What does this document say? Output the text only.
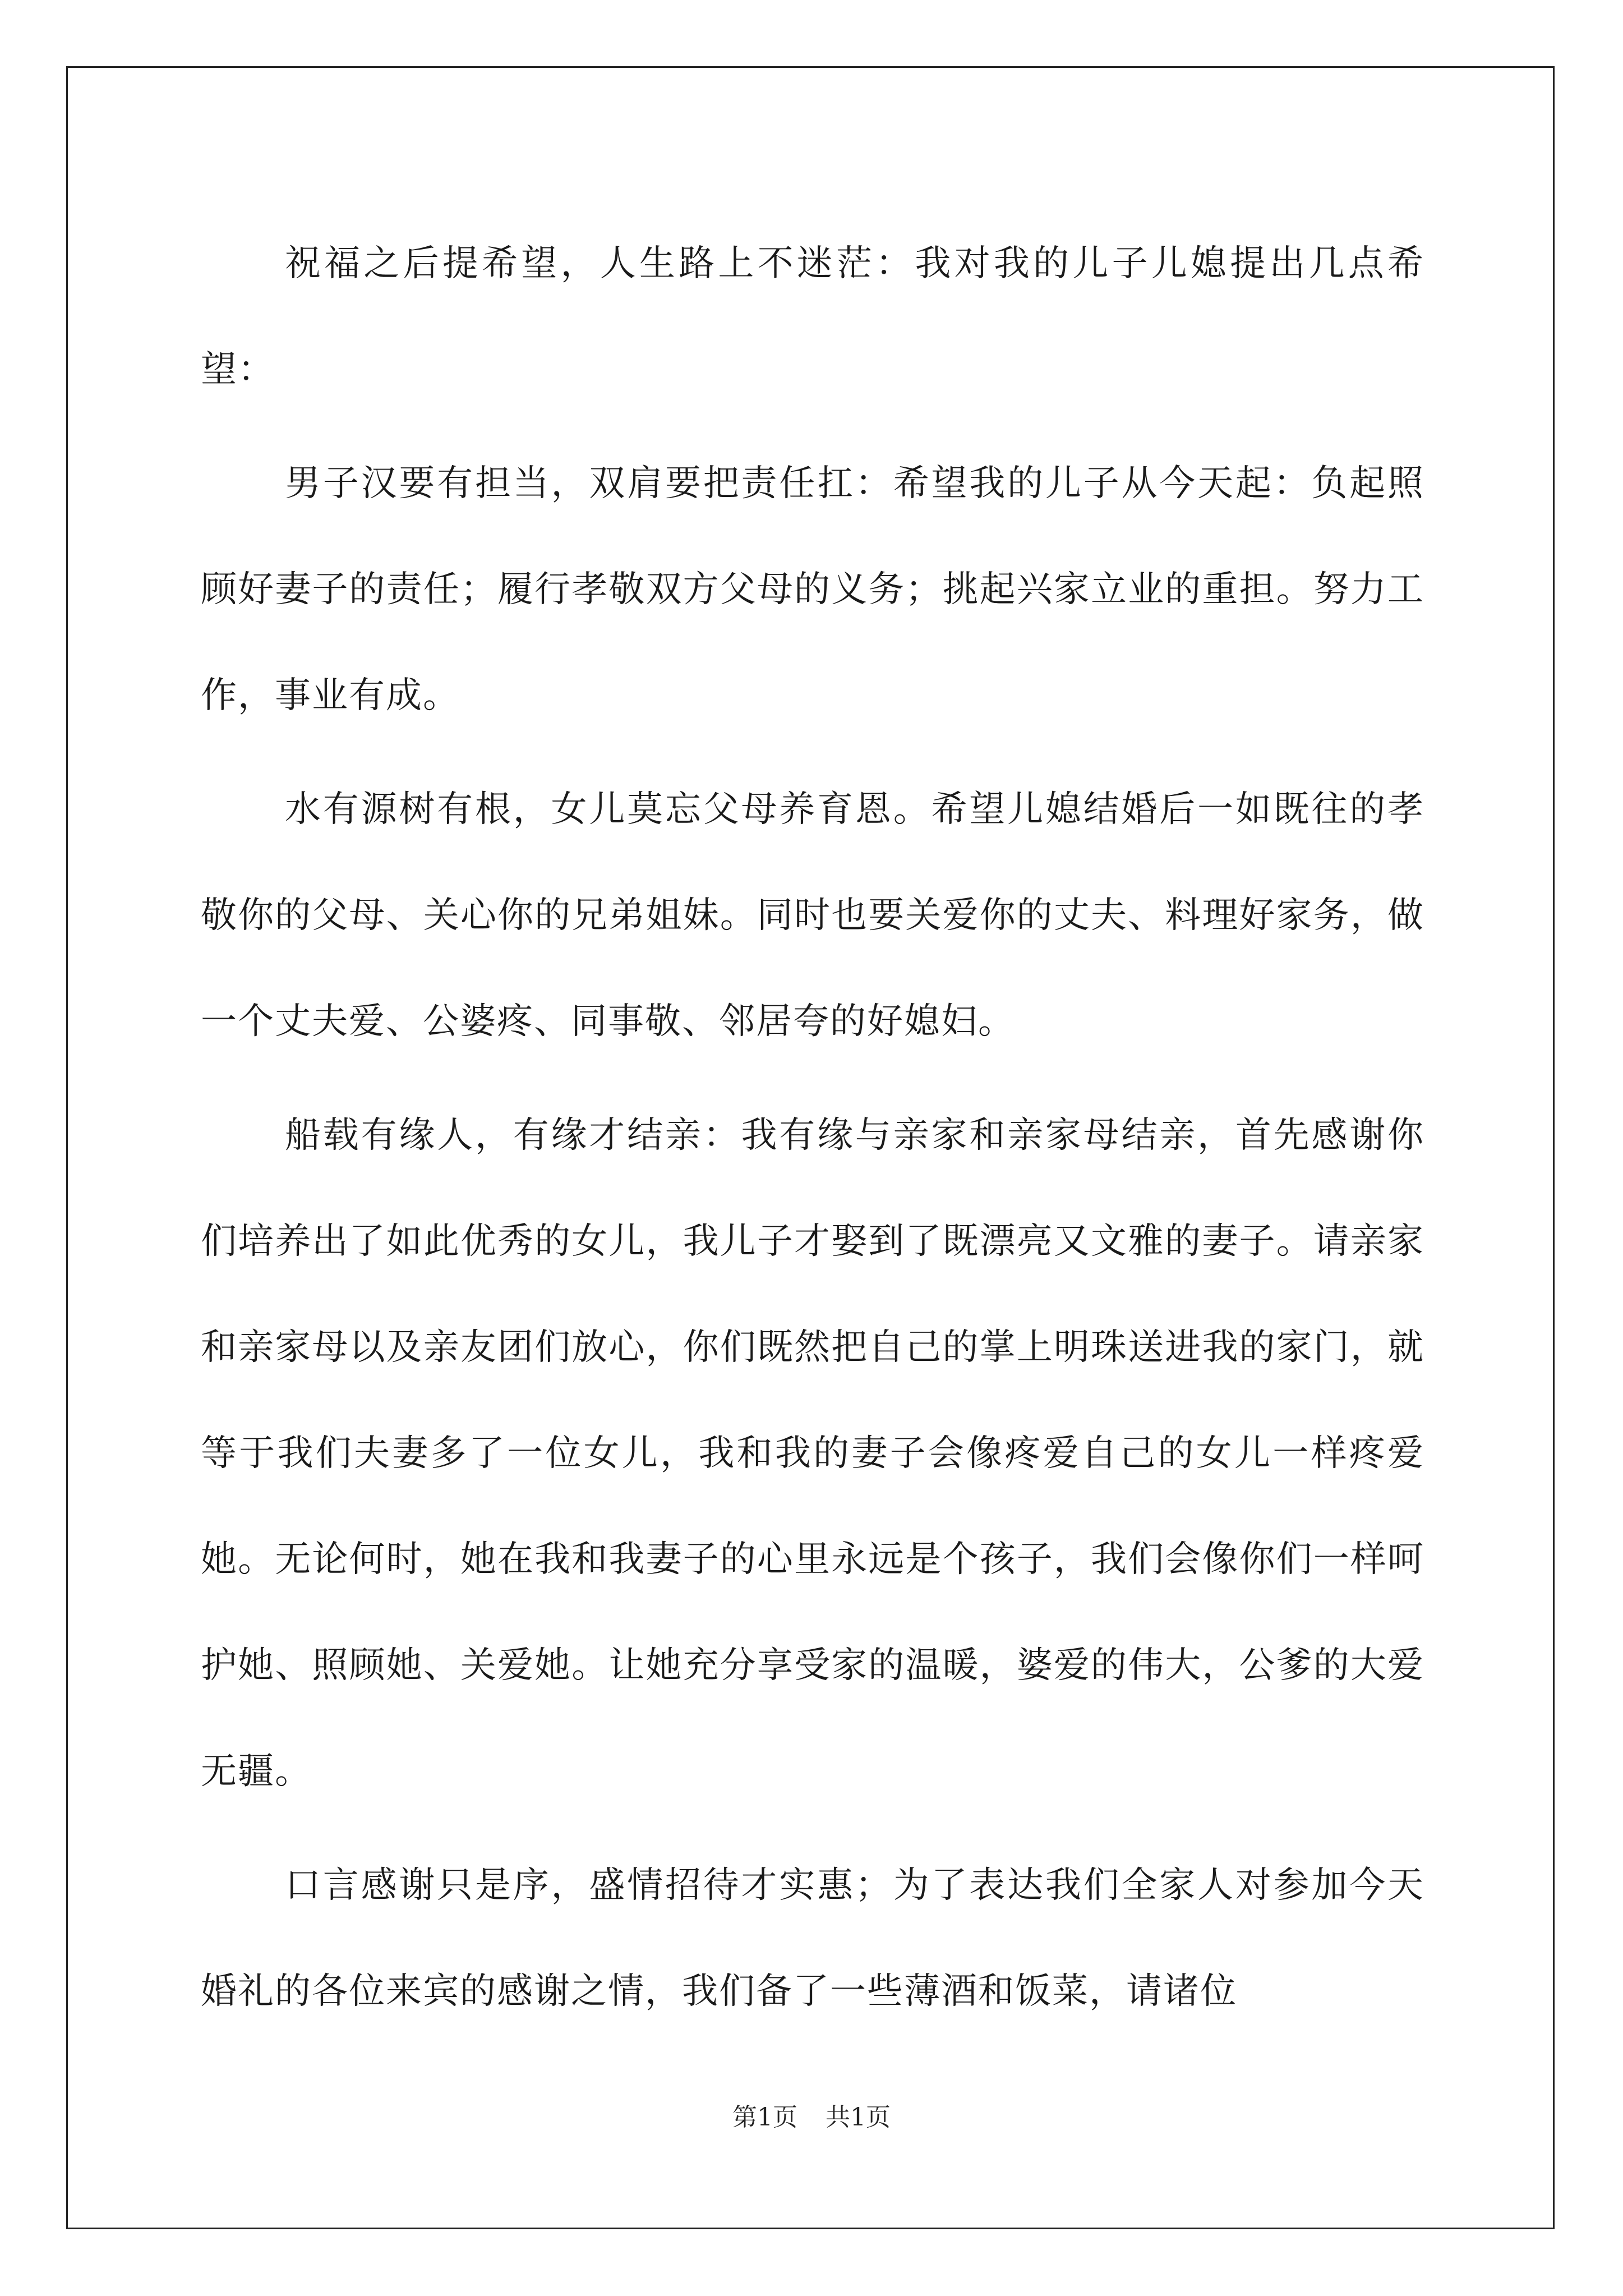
祝福之后提希望，人生路上不迷茫：我对我的儿子儿媳提出几点希望：

男子汉要有担当，双肩要把责任扛：希望我的儿子从今天起：负起照顾好妻子的责任；履行孝敬双方父母的义务；挑起兴家立业的重担。努力工作，事业有成。

水有源树有根，女儿莫忘父母养育恩。希望儿媳结婚后一如既往的孝敬你的父母、关心你的兄弟姐妹。同时也要关爱你的丈夫、料理好家务，做一个丈夫爱、公婆疼、同事敬、邻居夸的好媳妇。

船载有缘人，有缘才结亲：我有缘与亲家和亲家母结亲，首先感谢你们培养出了如此优秀的女儿，我儿子才娶到了既漂亮又文雅的妻子。请亲家和亲家母以及亲友团们放心，你们既然把自己的掌上明珠送进我的家门，就等于我们夫妻多了一位女儿，我和我的妻子会像疼爱自己的女儿一样疼爱她。无论何时，她在我和我妻子的心里永远是个孩子，我们会像你们一样呵护她、照顾她、关爱她。让她充分享受家的温暖，婆爱的伟大，公爹的大爱无疆。

口言感谢只是序，盛情招待才实惠；为了表达我们全家人对参加今天婚礼的各位来宾的感谢之情，我们备了一些薄酒和饭菜，请诸位

第1页 共1页
